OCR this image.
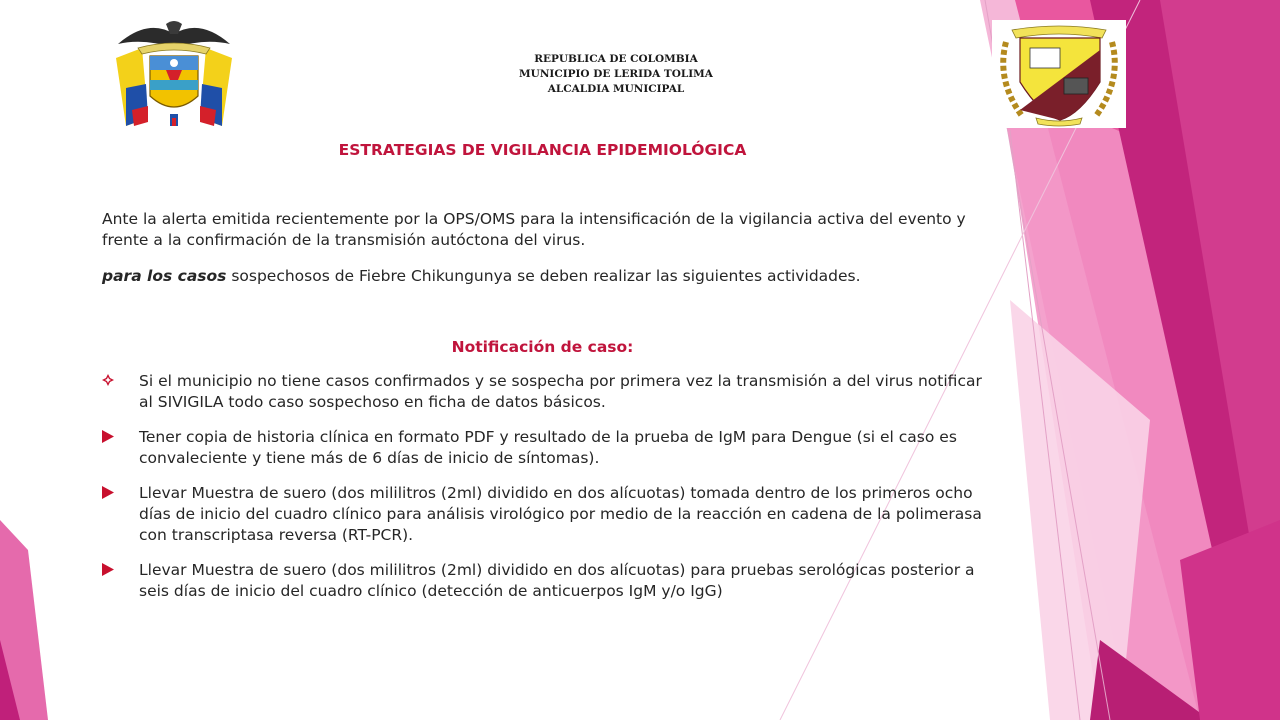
REPUBLICA DE COLOMBIA
MUNICIPIO DE LERIDA TOLIMA
ALCALDIA MUNICIPAL
ESTRATEGIAS DE VIGILANCIA EPIDEMIOLÓGICA
Ante la alerta emitida recientemente por la OPS/OMS para la intensificación de la vigilancia activa del evento y frente a la confirmación de la transmisión autóctona del virus.
para los casos sospechosos de Fiebre Chikungunya se deben realizar las siguientes actividades.
Notificación de caso:
Si el municipio no tiene casos confirmados y se sospecha por primera vez la transmisión a del virus notificar al SIVIGILA todo caso sospechoso en ficha de datos básicos.
Tener copia de historia clínica en formato PDF y resultado de la prueba de IgM para Dengue (si el caso es convaleciente y tiene más de 6 días de inicio de síntomas).
Llevar Muestra de suero (dos mililitros (2ml) dividido en dos alícuotas) tomada dentro de los primeros ocho días de inicio del cuadro clínico para análisis virológico por medio de la reacción en cadena de la polimerasa con transcriptasa reversa (RT-PCR).
Llevar Muestra de suero (dos mililitros (2ml) dividido en dos alícuotas) para pruebas serológicas posterior a seis días de inicio del cuadro clínico (detección de anticuerpos IgM y/o IgG)
